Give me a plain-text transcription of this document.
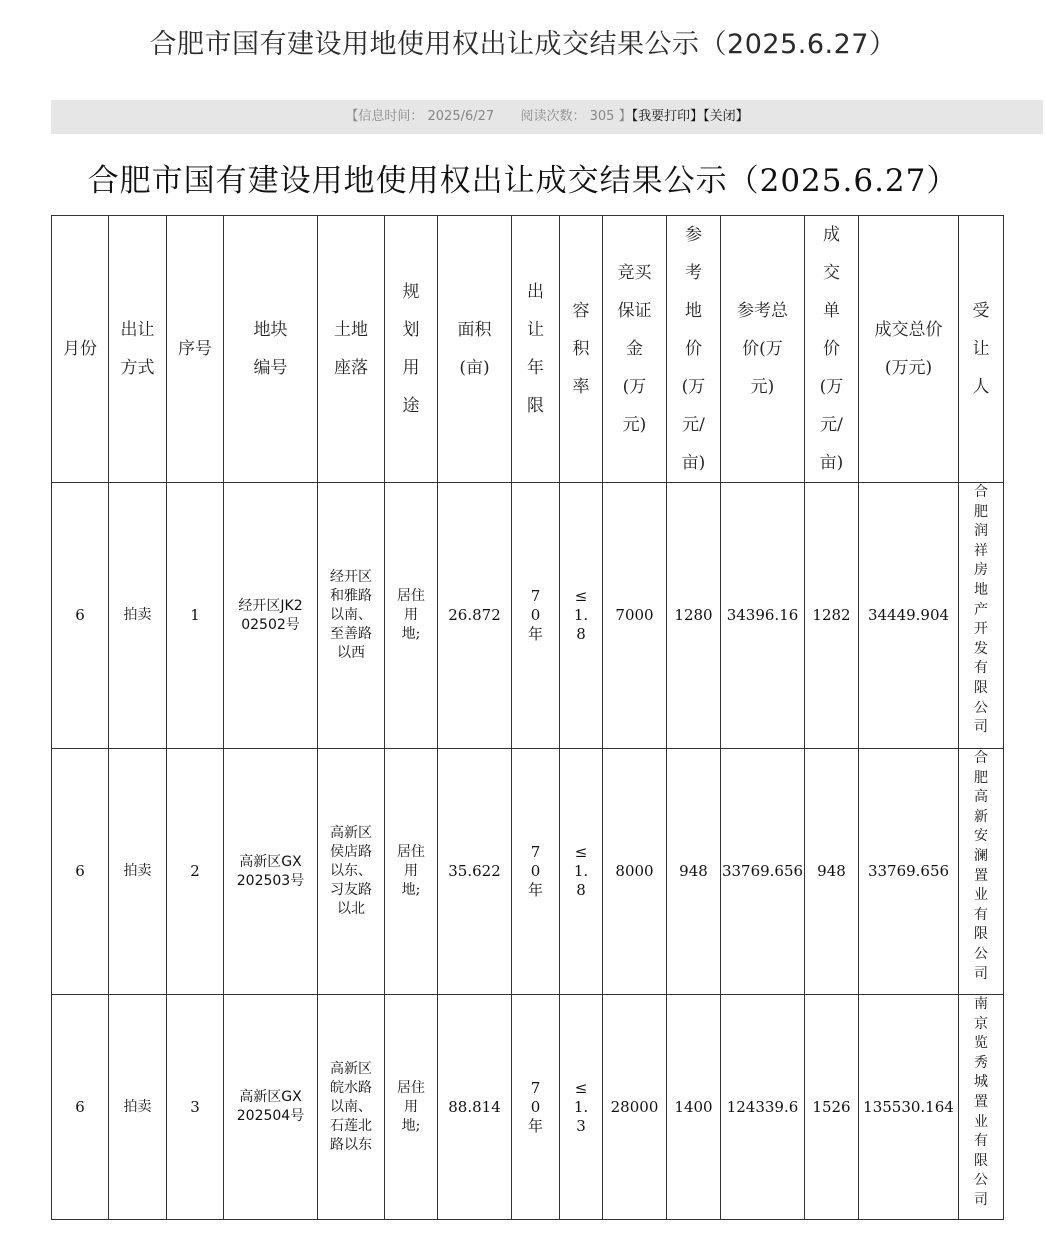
合肥市国有建设用地使用权出让成交结果公示（2025.6.27）
【信息时间： 2025/6/27 阅读次数： 305 】【我要打印】【关闭】
合肥市国有建设用地使用权出让成交结果公示（2025.6.27）
月份	出让方式	序号	地块编号	土地座落	规划用途	面积(亩)	出让年限	容积率	竞买保证金(万元)	参考地价(万元/亩)	参考总价(万元)	成交单价(万元/亩)	成交总价(万元)	受让人
6	拍卖	1	经开区JK202502号	经开区和雅路以南、至善路以西	居住用地;	26.872	70年	≤1.8	7000	1280	34396.16	1282	34449.904	合肥润祥房地产开发有限公司
6	拍卖	2	高新区GX202503号	高新区侯店路以东、习友路以北	居住用地;	35.622	70年	≤1.8	8000	948	33769.656	948	33769.656	合肥高新安澜置业有限公司
6	拍卖	3	高新区GX202504号	高新区皖水路以南、石莲北路以东	居住用地;	88.814	70年	≤1.3	28000	1400	124339.6	1526	135530.164	南京览秀城置业有限公司
